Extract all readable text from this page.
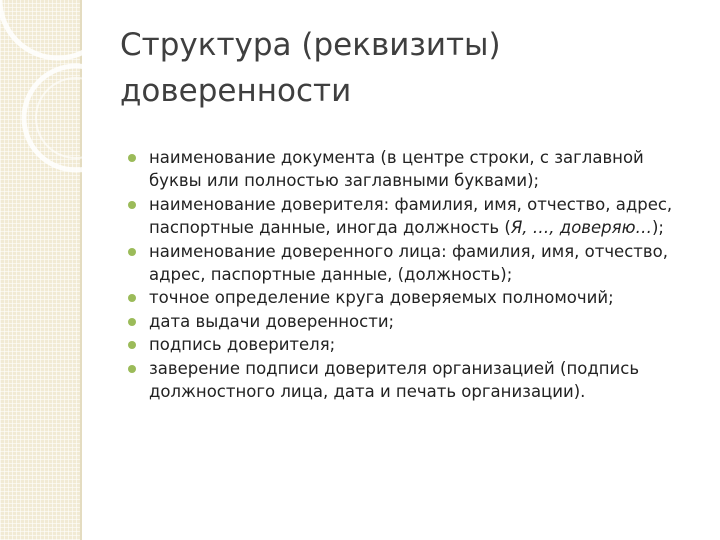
Структура (реквизиты) доверенности
наименование документа (в центре строки, с заглавной буквы или полностью заглавными буквами);
наименование доверителя: фамилия, имя, отчество, адрес, паспортные данные, иногда должность (Я, …, доверяю…);
наименование доверенного лица: фамилия, имя, отчество, адрес, паспортные данные, (должность);
точное определение круга доверяемых полномочий;
дата выдачи доверенности;
подпись доверителя;
заверение подписи доверителя организацией (подпись должностного лица, дата и печать организации).
